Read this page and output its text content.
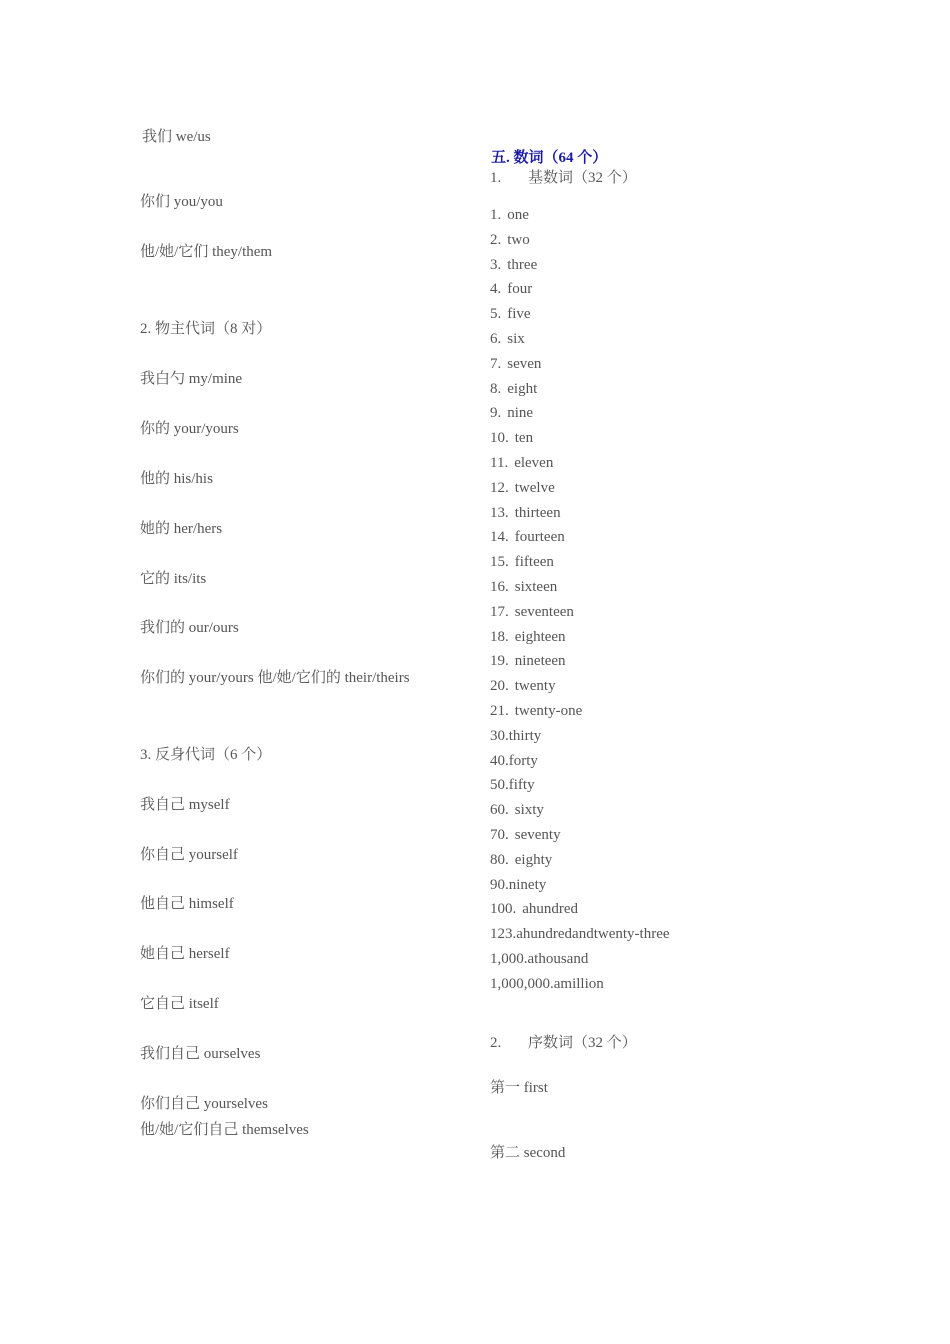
我们 we/us
你们 you/you
他/她/它们 they/them
2. 物主代词（8 对）
我白勺 my/mine
你的 your/yours
他的 his/his
她的 her/hers
它的 its/its
我们的 our/ours
你们的 your/yours 他/她/它们的 their/theirs
3. 反身代词（6 个）
我自己 myself
你自己 yourself
他自己 himself
她自己 herself
它自己 itself
我们自己 ourselves
你们自己 yourselves
他/她/它们自己 themselves
五. 数词（64 个）
1. 基数词（32 个）
1. one
2. two
3. three
4. four
5. five
6. six
7. seven
8. eight
9. nine
10. ten
11. eleven
12. twelve
13. thirteen
14. fourteen
15. fifteen
16. sixteen
17. seventeen
18. eighteen
19. nineteen
20. twenty
21. twenty-one
30.thirty
40.forty
50.fifty
60. sixty
70. seventy
80. eighty
90.ninety
100. ahundred
123.ahundredandtwenty-three
1,000.athousand
1,000,000.amillion
2. 序数词（32 个）
第一 first
第二 second
